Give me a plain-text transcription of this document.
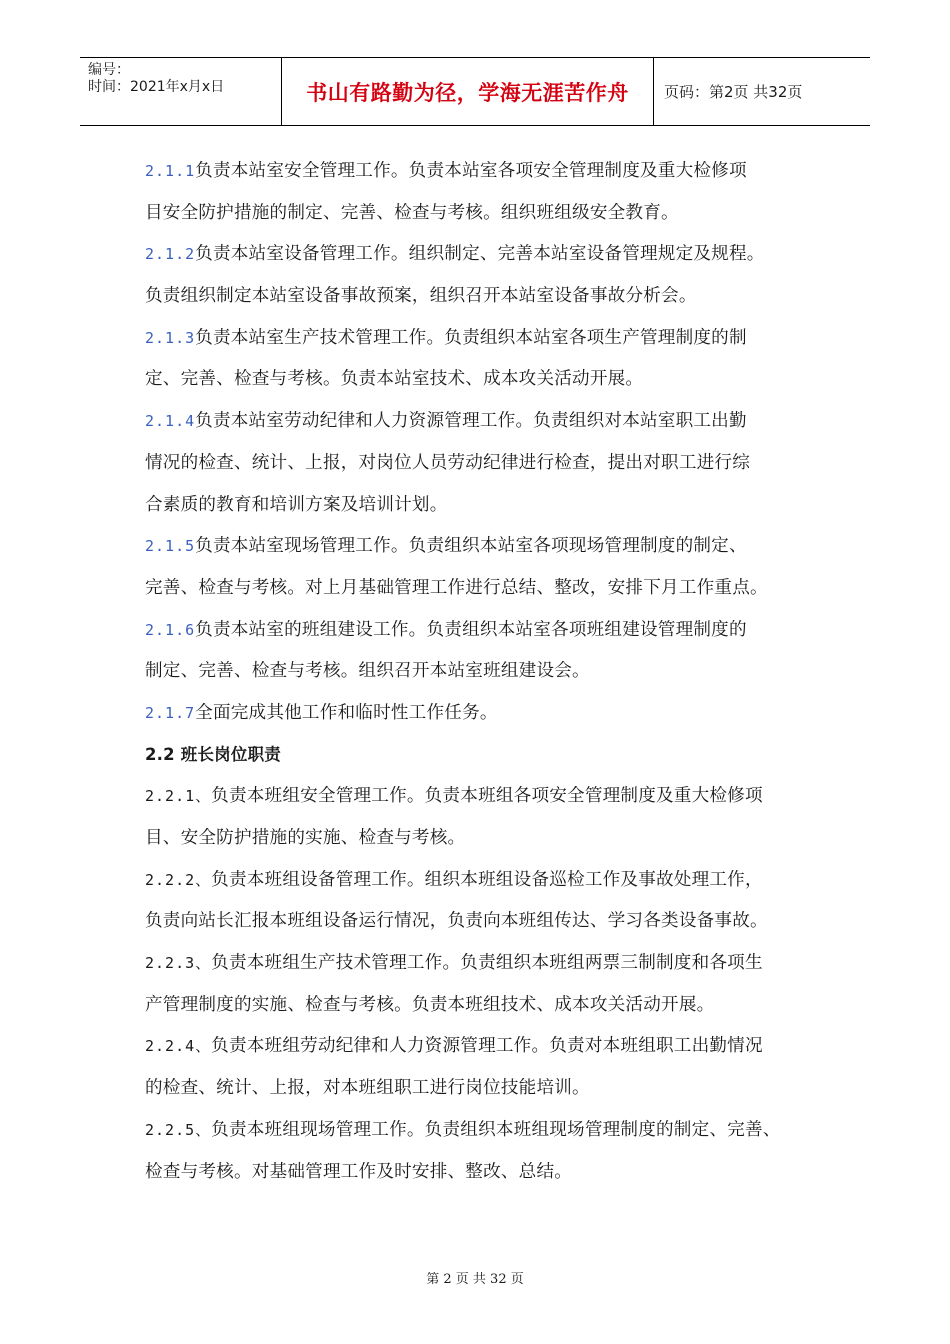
编号：
时间：2021年x月x日	书山有路勤为径，学海无涯苦作舟	页码：第2页 共32页
2.1.1负责本站室安全管理工作。负责本站室各项安全管理制度及重大检修项
目安全防护措施的制定、完善、检查与考核。组织班组级安全教育。
2.1.2负责本站室设备管理工作。组织制定、完善本站室设备管理规定及规程。
负责组织制定本站室设备事故预案，组织召开本站室设备事故分析会。
2.1.3负责本站室生产技术管理工作。负责组织本站室各项生产管理制度的制
定、完善、检查与考核。负责本站室技术、成本攻关活动开展。
2.1.4负责本站室劳动纪律和人力资源管理工作。负责组织对本站室职工出勤
情况的检查、统计、上报，对岗位人员劳动纪律进行检查，提出对职工进行综
合素质的教育和培训方案及培训计划。
2.1.5负责本站室现场管理工作。负责组织本站室各项现场管理制度的制定、
完善、检查与考核。对上月基础管理工作进行总结、整改，安排下月工作重点。
2.1.6负责本站室的班组建设工作。负责组织本站室各项班组建设管理制度的
制定、完善、检查与考核。组织召开本站室班组建设会。
2.1.7全面完成其他工作和临时性工作任务。
2.2 班长岗位职责
2.2.1、负责本班组安全管理工作。负责本班组各项安全管理制度及重大检修项
目、安全防护措施的实施、检查与考核。
2.2.2、负责本班组设备管理工作。组织本班组设备巡检工作及事故处理工作，
负责向站长汇报本班组设备运行情况，负责向本班组传达、学习各类设备事故。
2.2.3、负责本班组生产技术管理工作。负责组织本班组两票三制制度和各项生
产管理制度的实施、检查与考核。负责本班组技术、成本攻关活动开展。
2.2.4、负责本班组劳动纪律和人力资源管理工作。负责对本班组职工出勤情况
的检查、统计、上报，对本班组职工进行岗位技能培训。
2.2.5、负责本班组现场管理工作。负责组织本班组现场管理制度的制定、完善、
检查与考核。对基础管理工作及时安排、整改、总结。
第 2 页 共 32 页
